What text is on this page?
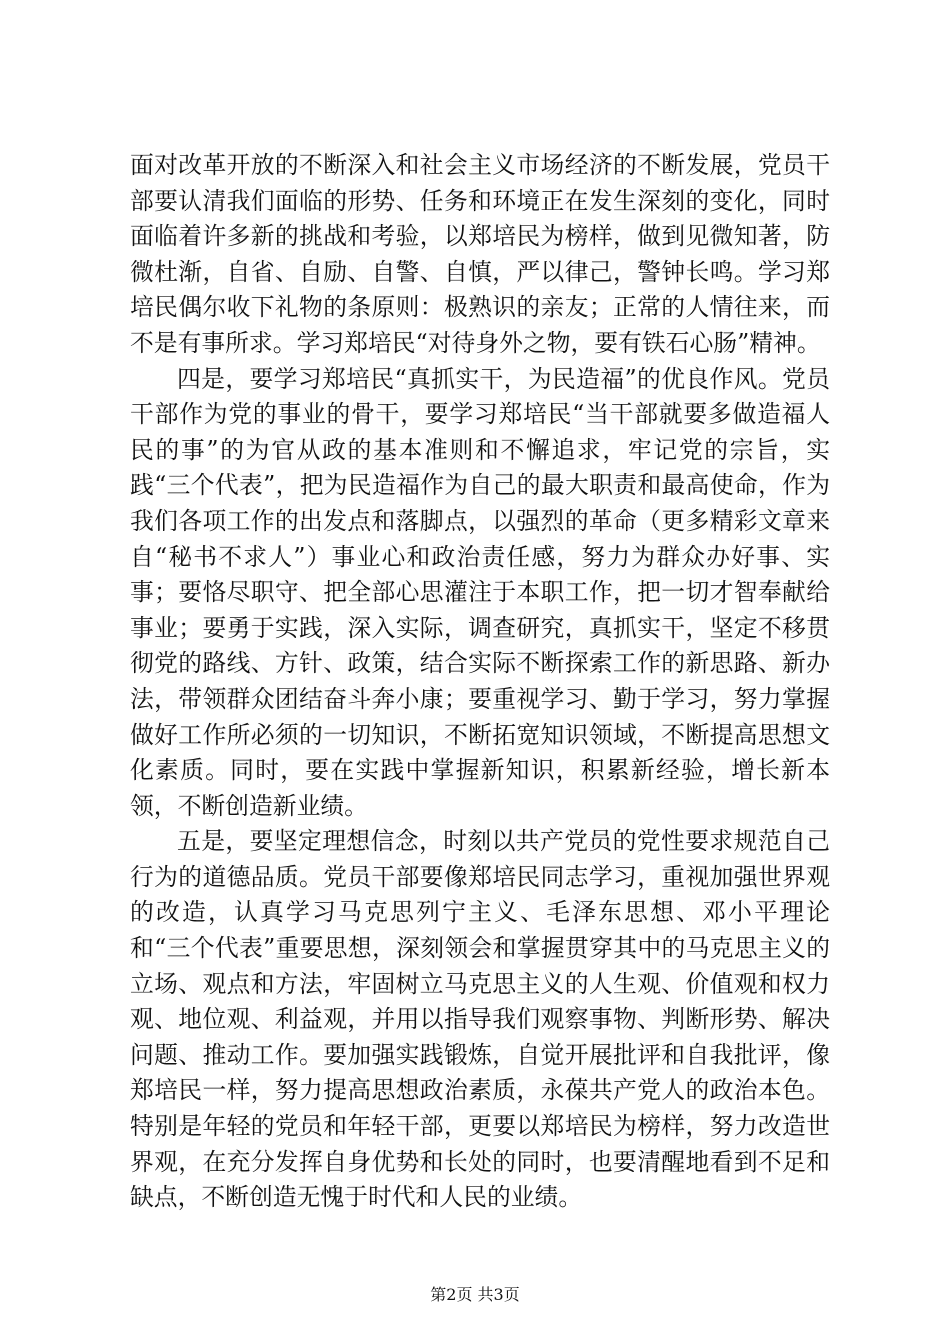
面对改革开放的不断深入和社会主义市场经济的不断发展，党员干部要认清我们面临的形势、任务和环境正在发生深刻的变化，同时面临着许多新的挑战和考验，以郑培民为榜样，做到见微知著，防微杜渐，自省、自励、自警、自慎，严以律己，警钟长鸣。学习郑培民偶尔收下礼物的条原则：极熟识的亲友；正常的人情往来，而不是有事所求。学习郑培民“对待身外之物，要有铁石心肠”精神。

四是，要学习郑培民“真抓实干，为民造福”的优良作风。党员干部作为党的事业的骨干，要学习郑培民“当干部就要多做造福人民的事”的为官从政的基本准则和不懈追求，牢记党的宗旨，实践“三个代表”，把为民造福作为自己的最大职责和最高使命，作为我们各项工作的出发点和落脚点，以强烈的革命（更多精彩文章来自“秘书不求人”）事业心和政治责任感，努力为群众办好事、实事；要恪尽职守、把全部心思灌注于本职工作，把一切才智奉献给事业；要勇于实践，深入实际，调查研究，真抓实干，坚定不移贯彻党的路线、方针、政策，结合实际不断探索工作的新思路、新办法，带领群众团结奋斗奔小康；要重视学习、勤于学习，努力掌握做好工作所必须的一切知识，不断拓宽知识领域，不断提高思想文化素质。同时，要在实践中掌握新知识，积累新经验，增长新本领，不断创造新业绩。

五是，要坚定理想信念，时刻以共产党员的党性要求规范自己行为的道德品质。党员干部要像郑培民同志学习，重视加强世界观的改造，认真学习马克思列宁主义、毛泽东思想、邓小平理论和“三个代表”重要思想，深刻领会和掌握贯穿其中的马克思主义的立场、观点和方法，牢固树立马克思主义的人生观、价值观和权力观、地位观、利益观，并用以指导我们观察事物、判断形势、解决问题、推动工作。要加强实践锻炼，自觉开展批评和自我批评，像郑培民一样，努力提高思想政治素质，永葆共产党人的政治本色。特别是年轻的党员和年轻干部，更要以郑培民为榜样，努力改造世界观，在充分发挥自身优势和长处的同时，也要清醒地看到不足和缺点，不断创造无愧于时代和人民的业绩。

第2页 共3页
